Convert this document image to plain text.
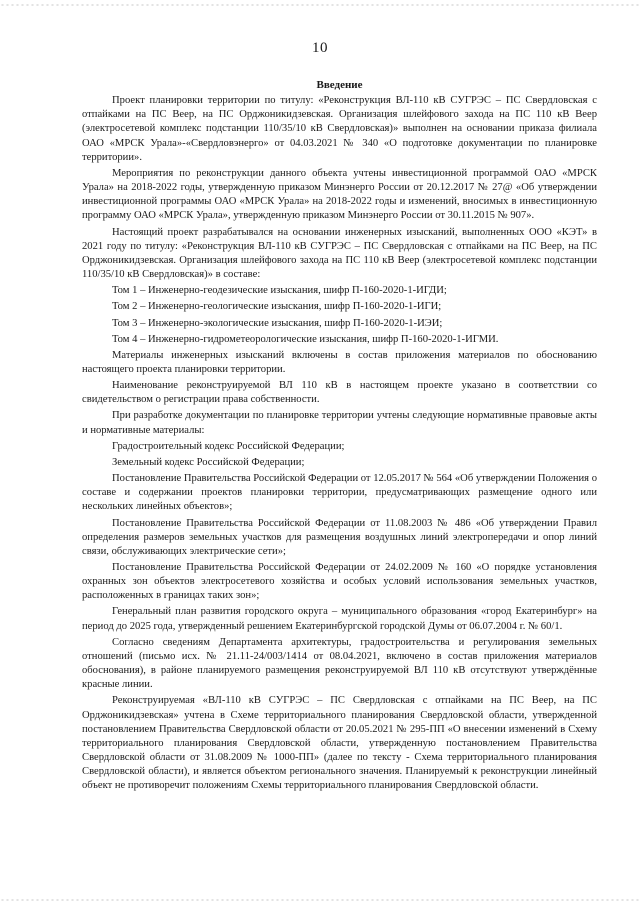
10
Введение

Проект планировки территории по титулу: «Реконструкция ВЛ-110 кВ СУГРЭС – ПС Свердловская с отпайками на ПС Веер, на ПС Орджоникидзевская. Организация шлейфового захода на ПС 110 кВ Веер (электросетевой комплекс подстанции 110/35/10 кВ Свердловская)» выполнен на основании приказа филиала ОАО «МРСК Урала»-«Свердловэнерго» от 04.03.2021 № 340 «О подготовке документации по планировке территории».

Мероприятия по реконструкции данного объекта учтены инвестиционной программой ОАО «МРСК Урала» на 2018-2022 годы, утвержденную приказом Минэнерго России от 20.12.2017 № 27@ «Об утверждении инвестиционной программы ОАО «МРСК Урала» на 2018-2022 годы и изменений, вносимых в инвестиционную программу ОАО «МРСК Урала», утвержденную приказом Минэнерго России от 30.11.2015 № 907».

Настоящий проект разрабатывался на основании инженерных изысканий, выполненных ООО «КЭТ» в 2021 году по титулу: «Реконструкция ВЛ-110 кВ СУГРЭС – ПС Свердловская с отпайками на ПС Веер, на ПС Орджоникидзевская. Организация шлейфового захода на ПС 110 кВ Веер (электросетевой комплекс подстанции 110/35/10 кВ Свердловская)» в составе:

Том 1 – Инженерно-геодезические изыскания, шифр П-160-2020-1-ИГДИ;

Том 2 – Инженерно-геологические изыскания, шифр П-160-2020-1-ИГИ;

Том 3 – Инженерно-экологические изыскания, шифр П-160-2020-1-ИЭИ;

Том 4 – Инженерно-гидрометеорологические изыскания, шифр П-160-2020-1-ИГМИ.

Материалы инженерных изысканий включены в состав приложения материалов по обоснованию настоящего проекта планировки территории.

Наименование реконструируемой ВЛ 110 кВ в настоящем проекте указано в соответствии со свидетельством о регистрации права собственности.

При разработке документации по планировке территории учтены следующие нормативные правовые акты и нормативные материалы:

Градостроительный кодекс Российской Федерации;

Земельный кодекс Российской Федерации;

Постановление Правительства Российской Федерации от 12.05.2017 № 564 «Об утверждении Положения о составе и содержании проектов планировки территории, предусматривающих размещение одного или нескольких линейных объектов»;

Постановление Правительства Российской Федерации от 11.08.2003 № 486 «Об утверждении Правил определения размеров земельных участков для размещения воздушных линий электропередачи и опор линий связи, обслуживающих электрические сети»;

Постановление Правительства Российской Федерации от 24.02.2009 № 160 «О порядке установления охранных зон объектов электросетевого хозяйства и особых условий использования земельных участков, расположенных в границах таких зон»;

Генеральный план развития городского округа – муниципального образования «город Екатеринбург» на период до 2025 года, утвержденный решением Екатеринбургской городской Думы от 06.07.2004 г. № 60/1.

Согласно сведениям Департамента архитектуры, градостроительства и регулирования земельных отношений (письмо исх. № 21.11-24/003/1414 от 08.04.2021, включено в состав приложения материалов обоснования), в районе планируемого размещения реконструируемой ВЛ 110 кВ отсутствуют утверждённые красные линии.

Реконструируемая «ВЛ-110 кВ СУГРЭС – ПС Свердловская с отпайками на ПС Веер, на ПС Орджоникидзевская» учтена в Схеме территориального планирования Свердловской области, утвержденной постановлением Правительства Свердловской области от 20.05.2021 № 295-ПП «О внесении изменений в Схему территориального планирования Свердловской области, утвержденную постановлением Правительства Свердловской области от 31.08.2009 № 1000-ПП» (далее по тексту - Схема территориального планирования Свердловской области), и является объектом регионального значения. Планируемый к реконструкции линейный объект не противоречит положениям Схемы территориального планирования Свердловской области.
